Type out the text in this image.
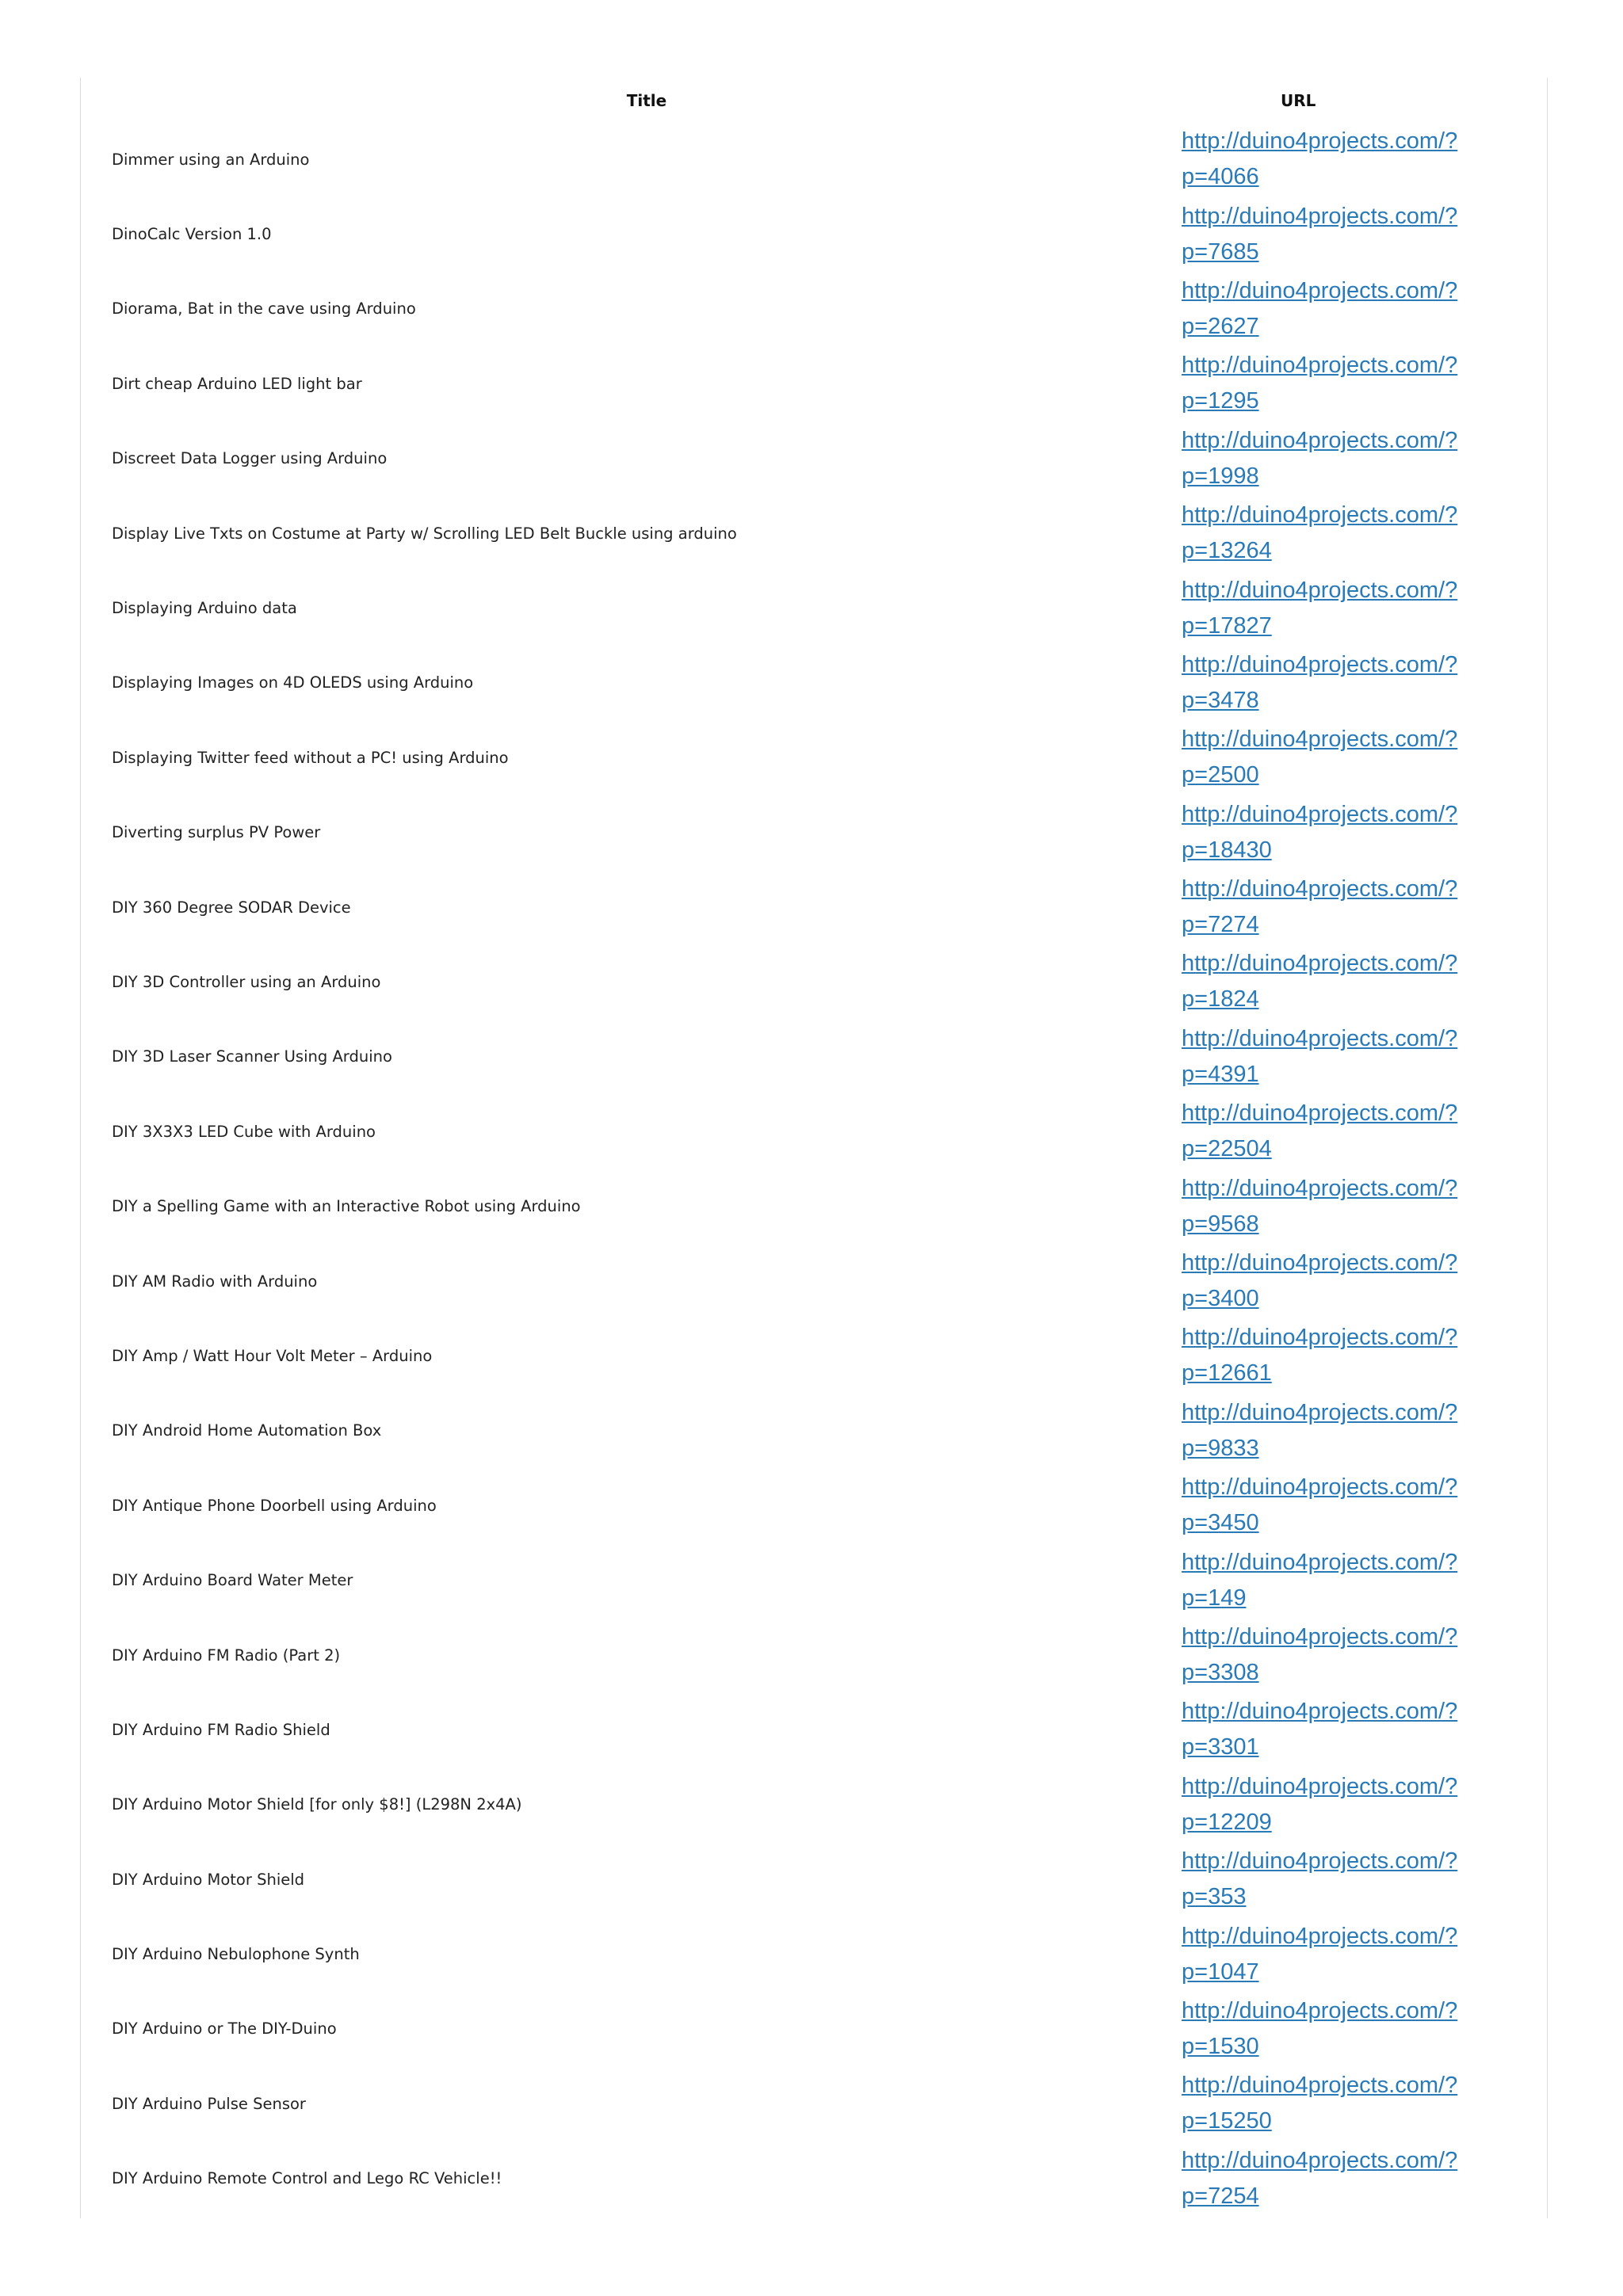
Title	URL
Dimmer using an Arduino	http://duino4projects.com/?p=4066

DinoCalc Version 1.0	http://duino4projects.com/?p=7685

Diorama, Bat in the cave using Arduino	http://duino4projects.com/?p=2627

Dirt cheap Arduino LED light bar	http://duino4projects.com/?p=1295

Discreet Data Logger using Arduino	http://duino4projects.com/?p=1998

Display Live Txts on Costume at Party w/ Scrolling LED Belt Buckle using arduino	http://duino4projects.com/?p=13264

Displaying Arduino data	http://duino4projects.com/?p=17827

Displaying Images on 4D OLEDS using Arduino	http://duino4projects.com/?p=3478

Displaying Twitter feed without a PC! using Arduino	http://duino4projects.com/?p=2500

Diverting surplus PV Power	http://duino4projects.com/?p=18430

DIY 360 Degree SODAR Device	http://duino4projects.com/?p=7274

DIY 3D Controller using an Arduino	http://duino4projects.com/?p=1824

DIY 3D Laser Scanner Using Arduino	http://duino4projects.com/?p=4391

DIY 3X3X3 LED Cube with Arduino	http://duino4projects.com/?p=22504

DIY a Spelling Game with an Interactive Robot using Arduino	http://duino4projects.com/?p=9568

DIY AM Radio with Arduino	http://duino4projects.com/?p=3400

DIY Amp / Watt Hour Volt Meter – Arduino	http://duino4projects.com/?p=12661

DIY Android Home Automation Box	http://duino4projects.com/?p=9833

DIY Antique Phone Doorbell using Arduino	http://duino4projects.com/?p=3450

DIY Arduino Board Water Meter	http://duino4projects.com/?p=149

DIY Arduino FM Radio (Part 2)	http://duino4projects.com/?p=3308

DIY Arduino FM Radio Shield	http://duino4projects.com/?p=3301

DIY Arduino Motor Shield [for only $8!] (L298N 2x4A)	http://duino4projects.com/?p=12209

DIY Arduino Motor Shield	http://duino4projects.com/?p=353

DIY Arduino Nebulophone Synth	http://duino4projects.com/?p=1047

DIY Arduino or The DIY-Duino	http://duino4projects.com/?p=1530

DIY Arduino Pulse Sensor	http://duino4projects.com/?p=15250

DIY Arduino Remote Control and Lego RC Vehicle!!	http://duino4projects.com/?p=7254
